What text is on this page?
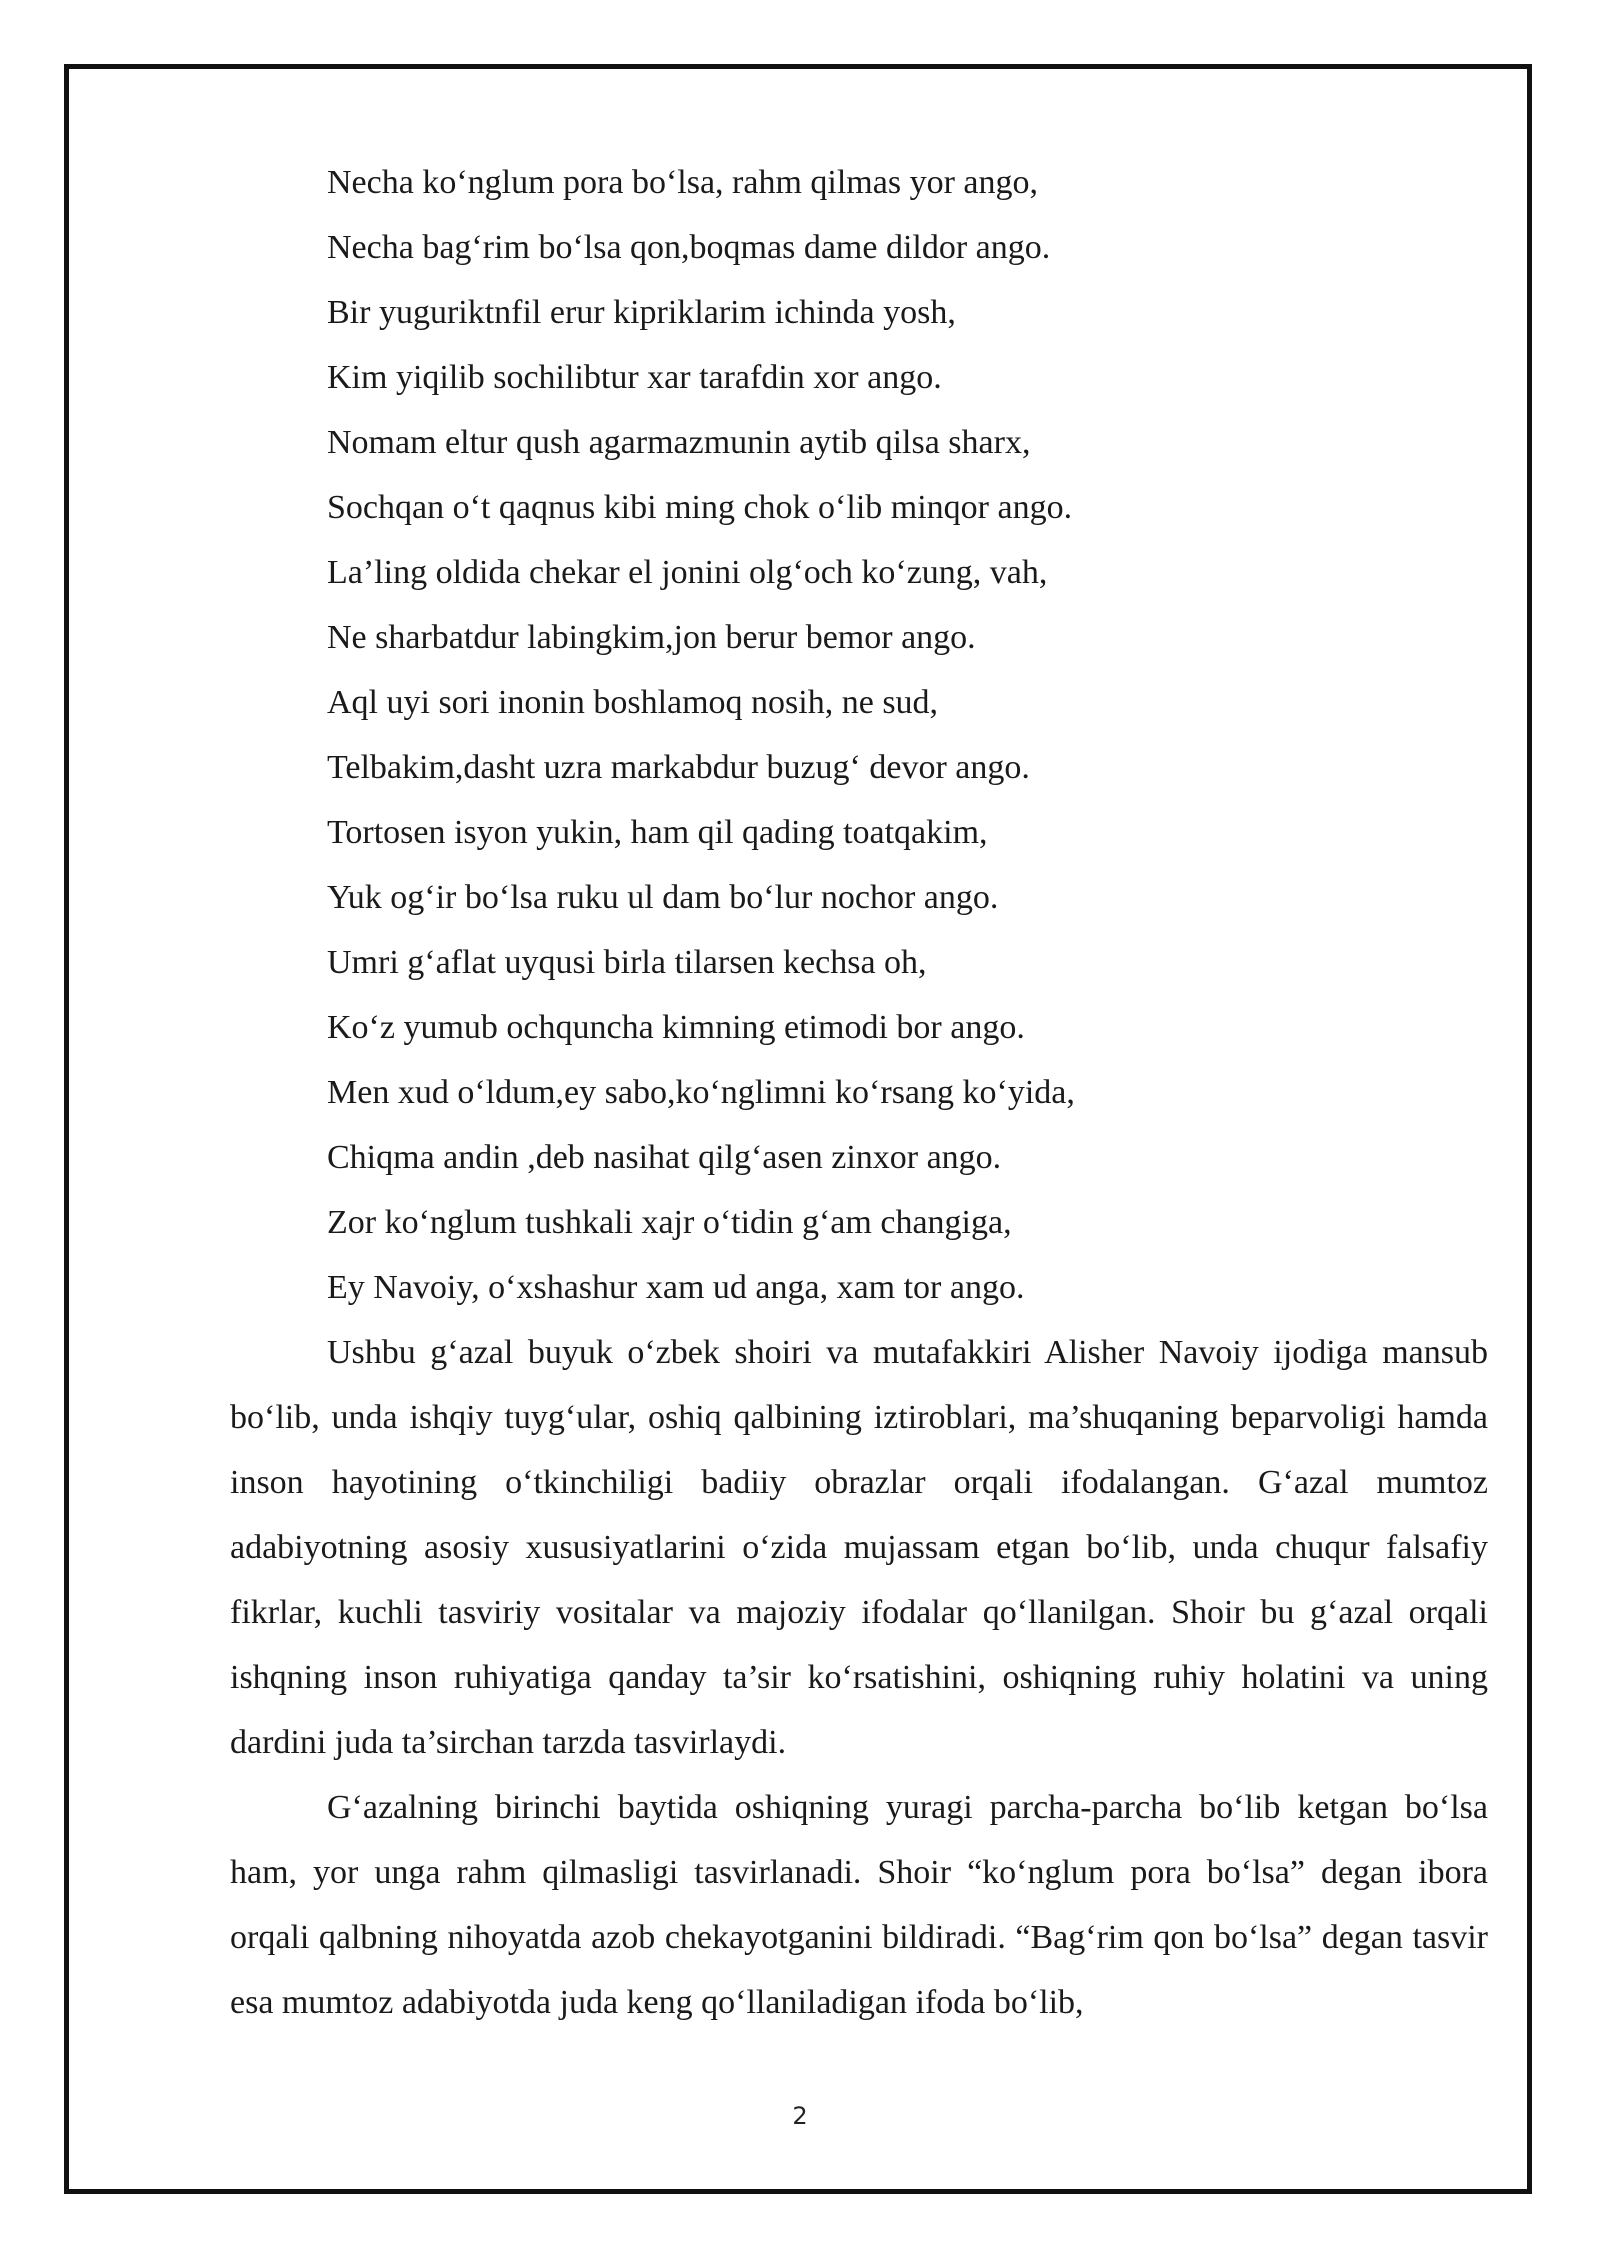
Necha ko‘nglum pora bo‘lsa, rahm qilmas yor ango,
Necha bag‘rim bo‘lsa qon,boqmas dame dildor ango.
Bir yuguriktnfil erur kipriklarim ichinda yosh,
Kim yiqilib sochilibtur xar tarafdin xor ango.
Nomam eltur qush agarmazmunin aytib qilsa sharx,
Sochqan o‘t qaqnus kibi ming chok o‘lib minqor ango.
La’ling oldida chekar el jonini olg‘och ko‘zung, vah,
Ne sharbatdur labingkim,jon berur bemor ango.
Aql uyi sori inonin boshlamoq nosih, ne sud,
Telbakim,dasht uzra markabdur buzug‘ devor ango.
Tortosen isyon yukin, ham qil qading toatqakim,
Yuk og‘ir bo‘lsa ruku ul dam bo‘lur nochor ango.
Umri g‘aflat uyqusi birla tilarsen kechsa oh,
Ko‘z yumub ochquncha kimning etimodi bor ango.
Men xud o‘ldum,ey sabo,ko‘nglimni ko‘rsang ko‘yida,
Chiqma andin ,deb nasihat qilg‘asen zinxor ango.
Zor ko‘nglum tushkali xajr o‘tidin g‘am changiga,
Ey Navoiy, o‘xshashur xam ud anga, xam tor ango.

Ushbu g‘azal buyuk o‘zbek shoiri va mutafakkiri Alisher Navoiy ijodiga mansub bo‘lib, unda ishqiy tuyg‘ular, oshiq qalbining iztiroblari, ma’shuqaning beparvoligi hamda inson hayotining o‘tkinchiligi badiiy obrazlar orqali ifodalangan. G‘azal mumtoz adabiyotning asosiy xususiyatlarini o‘zida mujassam etgan bo‘lib, unda chuqur falsafiy fikrlar, kuchli tasviriy vositalar va majoziy ifodalar qo‘llanilgan. Shoir bu g‘azal orqali ishqning inson ruhiyatiga qanday ta’sir ko‘rsatishini, oshiqning ruhiy holatini va uning dardini juda ta’sirchan tarzda tasvirlaydi.

G‘azalning birinchi baytida oshiqning yuragi parcha-parcha bo‘lib ketgan bo‘lsa ham, yor unga rahm qilmasligi tasvirlanadi. Shoir “ko‘nglum pora bo‘lsa” degan ibora orqali qalbning nihoyatda azob chekayotganini bildiradi. “Bag‘rim qon bo‘lsa” degan tasvir esa mumtoz adabiyotda juda keng qo‘llaniladigan ifoda bo‘lib,

2
